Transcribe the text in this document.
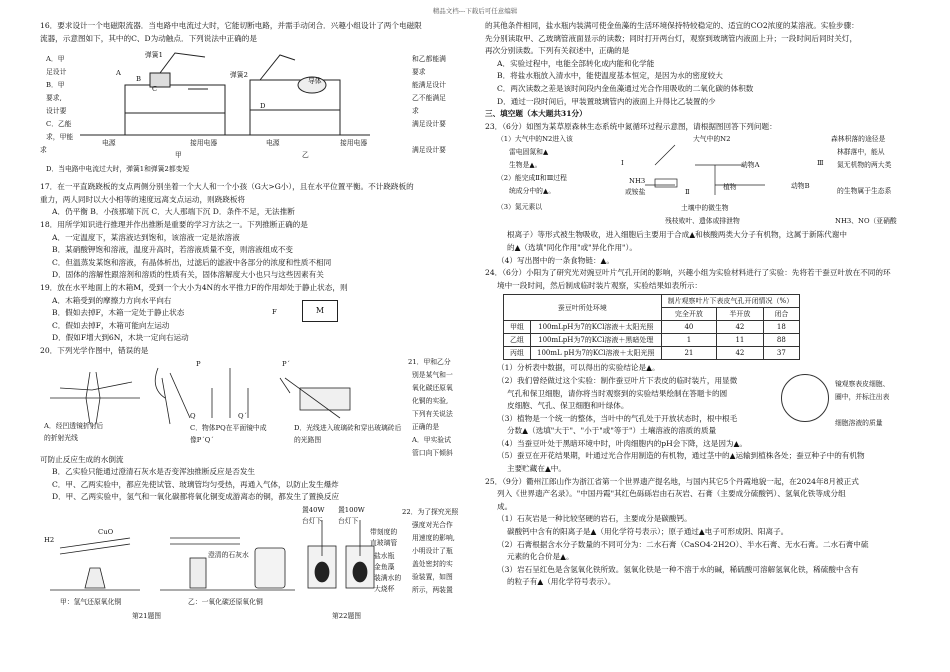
精品文档---下载后可任意编辑

16．要求设计一个电磁限流器．当电路中电流过大时，它能切断电路，并需手动闭合．兴趣小组设计了两个电磁限

流器，示意图如下，其中的C、D为动触点．下列说法中正确的是

A．甲
足设计
B．甲
要求,
设计要
C．乙能
求，甲能
求
弹簧1
A
B
C
D
弹簧2
导体
电源	接用电器	电源	接用电器
甲	乙
和乙都能满
要求
能满足设计
乙不能满足
求
满足设计要
满足设计要
D．当电路中电流过大时，弹簧1和弹簧2都变短

17．在一平直跷跷板的支点两侧分别坐着一个大人和一个小孩（G大>G小），且在水平位置平衡。不计跷跷板的

重力，两人同时以大小相等的速度远离支点运动，则跷跷板将

A．仍平衡 B．小孩那端下沉 C．大人那端下沉 D．条件不足，无法推断

18．用所学知识进行推理并作出推断是重要的学习方法之一。下列推断正确的是

A．一定温度下，某溶液达到饱和，该溶液一定是浓溶液

B．某硝酸钾饱和溶液，温度升高时，若溶液质量不变，则溶液组成不变

C．但温蒸发某饱和溶液，有晶体析出，过滤后的滤液中各部分的浓度和性质不相同

D．固体的溶解性跟溶剂和溶质的性质有关，固体溶解度大小也只与这些因素有关

19．放在水平地面上的木箱M，受到一个大小为4N的水平推力F的作用却处于静止状态，则

A．木箱受到的摩擦力方向水平向右

B．假如去掉F，木箱一定处于静止状态

C．假如去掉F，木箱可能向左运动

D．假如F增大到6N，木块一定向右运动

F	M

20．下列光学作图中，错误的是

P	P´
Q	Q´
A．经凹透镜折射后的折射光线
C．物体PQ在平面镜中成像P´Q´
D．光线进入玻璃砖和穿出玻璃砖后的光路图
21．甲和乙分
别是某气和一
氧化碳还原氧
化铜的实验,
下列有关说法
正确的是
A．甲实验试
管口向下倾斜

可防止反应生成的水倒流

B．乙实验只能通过澄清石灰水是否变浑浊推断反应是否发生

C．甲、乙两实验中，都应先使试管、玻璃管均匀受热，再通入气体，以防止发生爆炸

D．甲、乙两实验中，氢气和一氧化碳都将氧化铜变成游离态的铜，都发生了置换反应

H2
CuO
澄清的石灰水
甲：氢气还原氧化铜	乙：一氧化碳还原氧化铜
第21题图
置40W
台灯下
置100W
台灯下
带刻度的
直玻璃管
盐水瓶
金鱼藻
装满水的
大烧杯
第22题图
22．为了探究光照
强度对光合作
用速度的影响,
小明设计了瓶
盖处密封的实
验装置，如图
所示，两装置

的其他条件相同，盐水瓶内装满可使金鱼藻的生活环境保持特较稳定的、适宜的CO2浓度的某溶液。实验步骤：

先分别读取甲、乙玻璃管液面显示的读数；同时打开两台灯，观察到玻璃管内液面上升；一段时间后同时关灯，

再次分别读数。下列有关叙述中，正确的是

A．实验过程中，电能全部转化成内能和化学能

B．将盐水瓶放入清水中，能使温度基本恒定，是因为水的密度较大

C．两次读数之差是该时间段内金鱼藻通过光合作用吸收的二氧化碳的体积数

D．通过一段时间后，甲装置玻璃管内的液面上升得比乙装置的少

三、填空题（本大题共31分）

23．（6分）如图为某草原森林生态系统中氮循环过程示意图，请根据图回答下列问题：

（1）大气中的N2进入该
雷电固氮和▲
生物是▲。
（2）能完成Ⅱ和Ⅲ过程
统成分中的▲。
（3）氮元素以
大气中的N2
Ⅰ	动物A	Ⅲ
NH3
或铵盐
植物	动物B
Ⅱ
土壤中的微生物
残枝败叶、遗体或排泄物
森林枳落的途径是
林群落中，能从
氮无机物的两大类
的生物属于生态系
NH3、NO（亚硝酸

根离子）等形式被生物吸收，进入细胞后主要用于合成▲和核酸两类大分子有机物，这属于新陈代谢中

的▲（选填"同化作用"或"异化作用"）。

（4）写出图中的一条食物链：▲。

24．（6分）小阳为了研究光对豌豆叶片气孔开闭的影响，兴趣小组为实验材料进行了实验：先将若干蚕豆叶放在不同的环

境中一段时间，然后制成临时装片观察，实验结果如表所示：

蚕豆叶所处环境		制片观察叶片下表皮气孔开闭情况（%）		
		完全开放	半开放	闭合
甲组	100mLpH为7的KCl溶液＋太阳光照	40	42	18
乙组	100mLpH为7的KCl溶液＋黑暗处理	1	11	88
丙组	100mL pH为7的KCl溶液＋太阳光照	21	42	37

（1）分析表中数据，可以得出的实验结论是▲。

（2）我们曾经做过这个实验：制作蚕豆叶片下表皮的临时装片，用显微

气孔和保卫细胞，请你将当时观察到的实验结果绘制在答题卡的圆

皮细胞、气孔、保卫细胞和叶绿体。

（3）植物是一个统一的整体，当叶中的气孔处于开放状态时，根中根毛

分数▲（选填"大于"、"小于"或"等于"）土壤溶液的溶质的质量

镜观察表皮细胞、
圈中，并标注出表
细胞溶液的质量

（4）当蚕豆叶处于黑暗环境中时，叶肉细胞内的pH会下降，这是因为▲。

（5）蚕豆在开花结果期，叶通过光合作用制造的有机物，通过茎中的▲运输到植株各处；蚕豆种子中的有机物

主要贮藏在▲中。

25．（9分）衢州江郎山作为浙江省第一个世界遗产提名地，与国内其它5个丹霞地貌一起，在2024年8月被正式

列入《世界遗产名录》。"中国丹霞"其红色砾砾岩由石灰岩、石膏（主要成分硫酸钙）、氢氧化铁等成分组

成。

（1）石灰岩是一种比较坚硬的岩石，主要成分是碳酸钙。

碳酸钙中含有的阳离子是▲（用化学符号表示）；原子通过▲电子可形成阴、阳离子。

（2）石膏根据含水分子数量的不同可分为：二水石膏（CaSO4·2H2O）、半水石膏、无水石膏。二水石膏中硫

元素的化合价是▲。

（3）岩石呈红色是含氢氧化铁所致。氢氧化铁是一种不溶于水的碱，稀硫酸可溶解氢氧化铁，稀硫酸中含有

的粒子有▲（用化学符号表示）。
